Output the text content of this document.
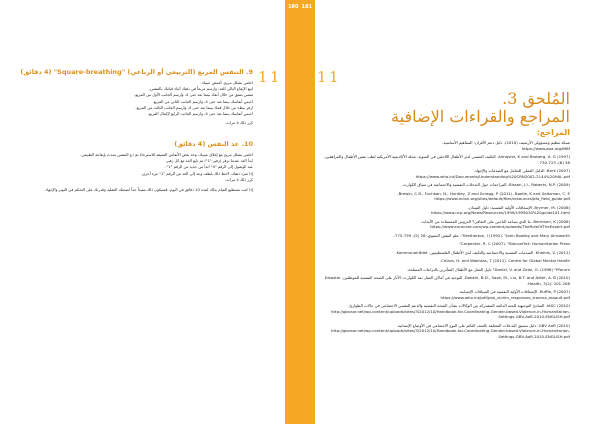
1 1
9. التنفس المربع (التربيعي أو الرباعي) "Square-breathing" (4 دقائق)

اجلس بشكل مريح. أغمض عينيك.

اتبع الإيقاع التالي للعد، وارسم مربعاً في ذهنك أثناء قيامك بالتنفس.

تنفس بعمق من خلال أنفك بينما تعد حتى 4، وارسم الجانب الأول من المربع.

احبس أنفاسك بينما تعد حتى 4، وارسم الجانب الثاني من المربع.

ازفر ببطء من خلال فمك بينما تعد حتى 4، وارسم الجانب الثالث من المربع.

احبس أنفاسك بينما تعد حتى 4، وارسم الجانب الرابع لإكمال المربع.

كرر ذلك 4 مرات.

10. عد النفس (4 دقائق)

اجلس بشكل مريح مع إغلاق عينيك، وخذ بعض الأنفاس العميقة للاسترخاء ثم دع التنفس يحدث بإيقاعه الطبيعي.

ابدأ العد عندما تزفر (زفير "1") ثم تابع العد مع كل زفير.

عند الوصول إلى الرقم "4" ابدأ من جديد من الرقم "1".

إذا شرد ذهنك، لاحظ ذلك بلطف وعد إلى العد من الرقم "1" مرة أخرى.

كرر ذلك 4 مرات.

إذا كنت تستطيع القيام بذلك لمدة 10 دقائق في اليوم، فسيكون ذلك مفيداً جداً لصحتك العقلية وقدرتك على التحكم في التوتر والإجهاد.

180 181
1 1
المُلحق 3.
المراجع والقراءات الإضافية
المراجع:

شبكة تنظيم ومسؤولي الأرشيف (2010). دليل دعم الأقران: المفاهيم الأساسية.
https://www.apa.org/6f6f

Almqvist, K and Broberg, A. G (1997). التكيف النفسي لدى الأطفال اللاجئين في السويد. مجلة الأكاديمية الأمريكية لطب نفس الأطفال والمراهقين، 38 (6)، 723-730.

Berk (2007). الدليل العملي للتعامل مع الصدمات والإجهاد.
https://www.who.int/Documents/Understanding%20CRN2002-2144%20HAL.pdf

Bisson, J.I., Roberts, N.P. (2009). المراجعات حول التدخلات النفسية والاجتماعية في سياق الكوارث.

Brewin, C.R., Fuchkan, N., Huntley, Z and Scragg, P (2011). Baelle, K and Saltzman, C. E.
https://www.nctsn.org/sites/default/files/resources/pfa_field_guide.pdf

Brymer, M. (2006). الإسعافات الأولية النفسية: دليل الميدان.
https://www.ncp.org/News/Resources/1999/1999030%20guide101.html

Berntsen, K (2006). ما الذي يساعد الناجين على التعافي؟ الدروس المستفادة من الأبحاث.
https://www.eurocare.com/wp-content/uploads/TheRuleOfTheExpert.pdf

Bretherton, I (1992). "John Bowlby and Mary Ainsworth". علم النفس التنموي، 28 (5): 759-775.

Carpenter, R. C (2007). "Bioconflict: Humanitarian Press"

Khamis, V. (2012). الصدمات النفسية والاجتماعية والتكيف لدى الأطفال الفلسطينيين. Kommunalrådet

Chiara, H. and Wakhtas, T (2012). Centre for Global Mental Health.

Daniel, V. and Zalal, G. (1998) "Pforum" دليل العمل مع الأطفال المتأثرين بالنزاعات المسلحة.

Dobkin, B.D., Saxe, M., Liu, B.T. and Adler, A. B (2010). التوجيه في أماكن العمل بعد الكوارث: الآثار على الصحة النفسية للموظفين. Disaster Health, 3(2): 201-208.

Ruffle, P (2007). الإسعافات الأولية النفسية في السياقات الإنسانية.
https://www.who.int/pdf/psb_victim_responses_trauma_assault.pdf

IASC (2010). المبادئ التوجيهية للجنة الدائمة المشتركة بين الوكالات بشأن الصحة النفسية والدعم النفسي الاجتماعي في حالات الطوارئ.
http://gbvaor.net/wp-content/uploads/sites/3/2012/10/Handbook-for-Coordinating-Gender-based-Violence-in-Humanitarian-Settings-GBV-AoR-2010-ENGLISH.pdf

GBV AoR (2010). دليل تنسيق التدخلات المتعلقة بالعنف القائم على النوع الاجتماعي في الأوضاع الإنسانية.
http://gbvaor.net/wp-content/uploads/sites/3/2012/10/Handbook-for-Coordinating-Gender-based-Violence-in-Humanitarian-Settings-GBV-AoR-2010-ENGLISH.pdf
